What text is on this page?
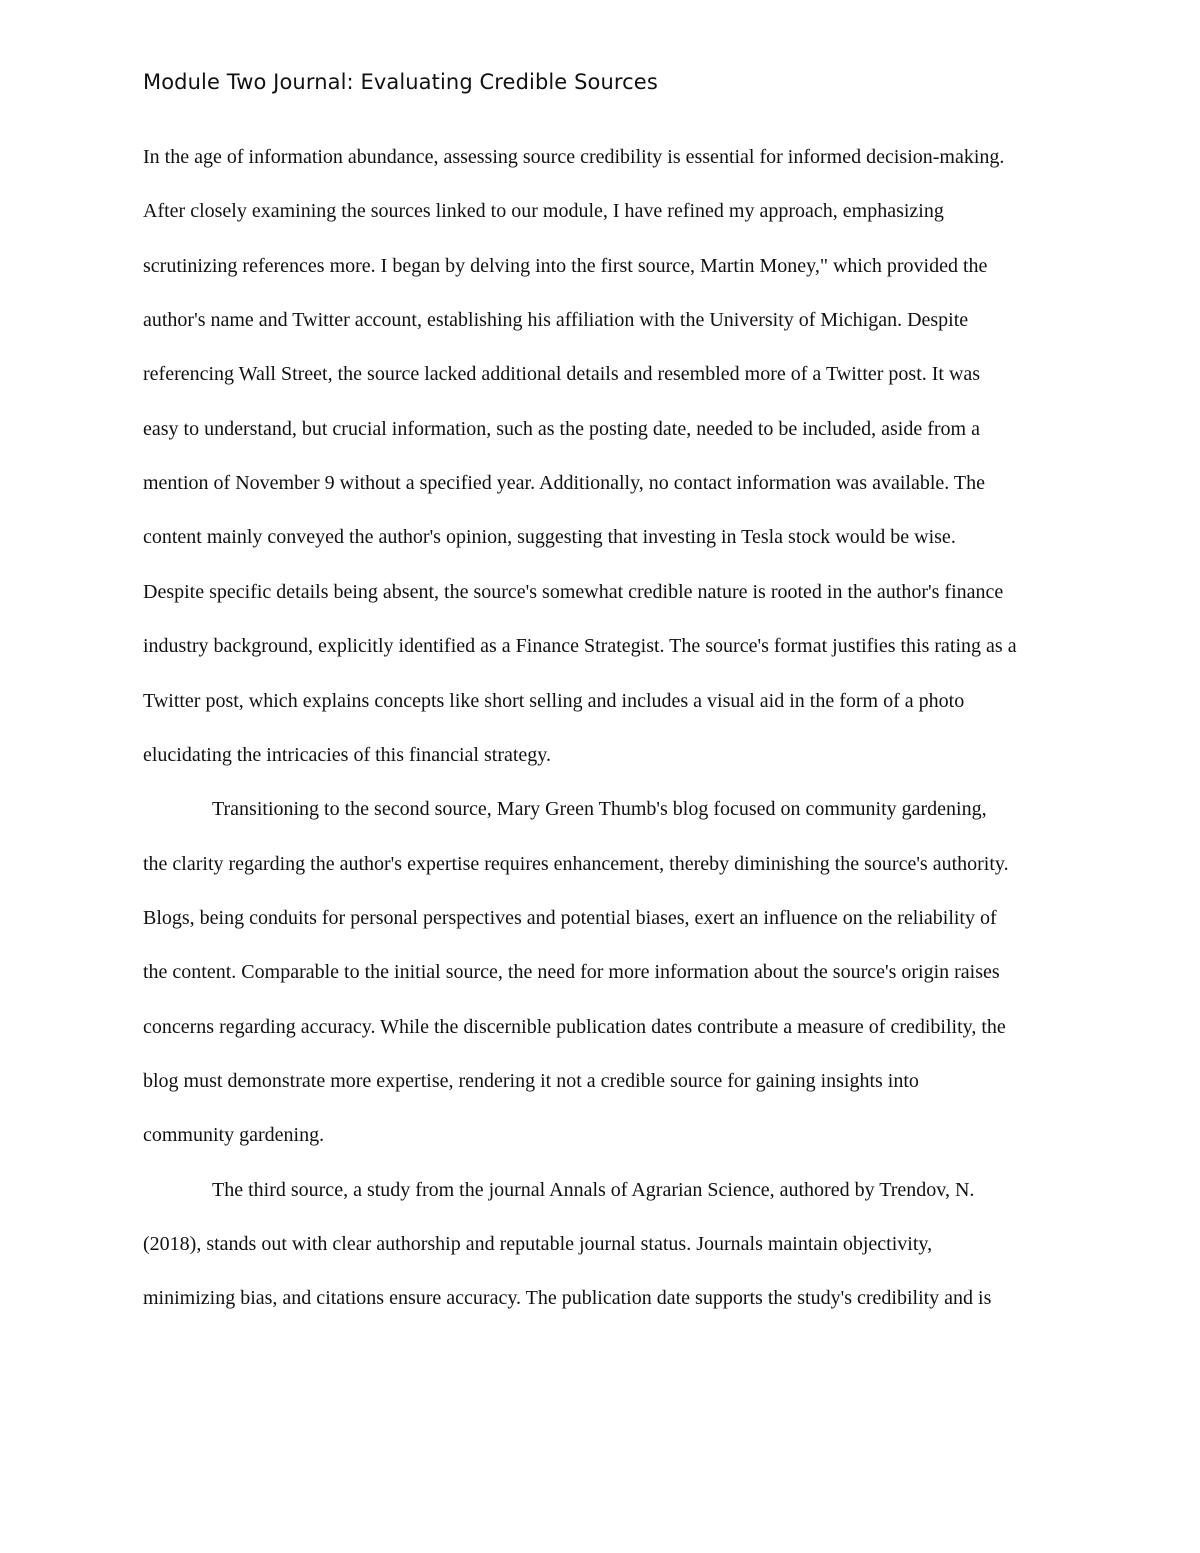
Module Two Journal: Evaluating Credible Sources

In the age of information abundance, assessing source credibility is essential for informed decision-making.

After closely examining the sources linked to our module, I have refined my approach, emphasizing

scrutinizing references more. I began by delving into the first source, Martin Money," which provided the

author's name and Twitter account, establishing his affiliation with the University of Michigan. Despite

referencing Wall Street, the source lacked additional details and resembled more of a Twitter post. It was

easy to understand, but crucial information, such as the posting date, needed to be included, aside from a

mention of November 9 without a specified year. Additionally, no contact information was available. The

content mainly conveyed the author's opinion, suggesting that investing in Tesla stock would be wise.

Despite specific details being absent, the source's somewhat credible nature is rooted in the author's finance

industry background, explicitly identified as a Finance Strategist. The source's format justifies this rating as a

Twitter post, which explains concepts like short selling and includes a visual aid in the form of a photo

elucidating the intricacies of this financial strategy.

Transitioning to the second source, Mary Green Thumb's blog focused on community gardening,

the clarity regarding the author's expertise requires enhancement, thereby diminishing the source's authority.

Blogs, being conduits for personal perspectives and potential biases, exert an influence on the reliability of

the content. Comparable to the initial source, the need for more information about the source's origin raises

concerns regarding accuracy. While the discernible publication dates contribute a measure of credibility, the

blog must demonstrate more expertise, rendering it not a credible source for gaining insights into

community gardening.

The third source, a study from the journal Annals of Agrarian Science, authored by Trendov, N.

(2018), stands out with clear authorship and reputable journal status. Journals maintain objectivity,

minimizing bias, and citations ensure accuracy. The publication date supports the study's credibility and is
